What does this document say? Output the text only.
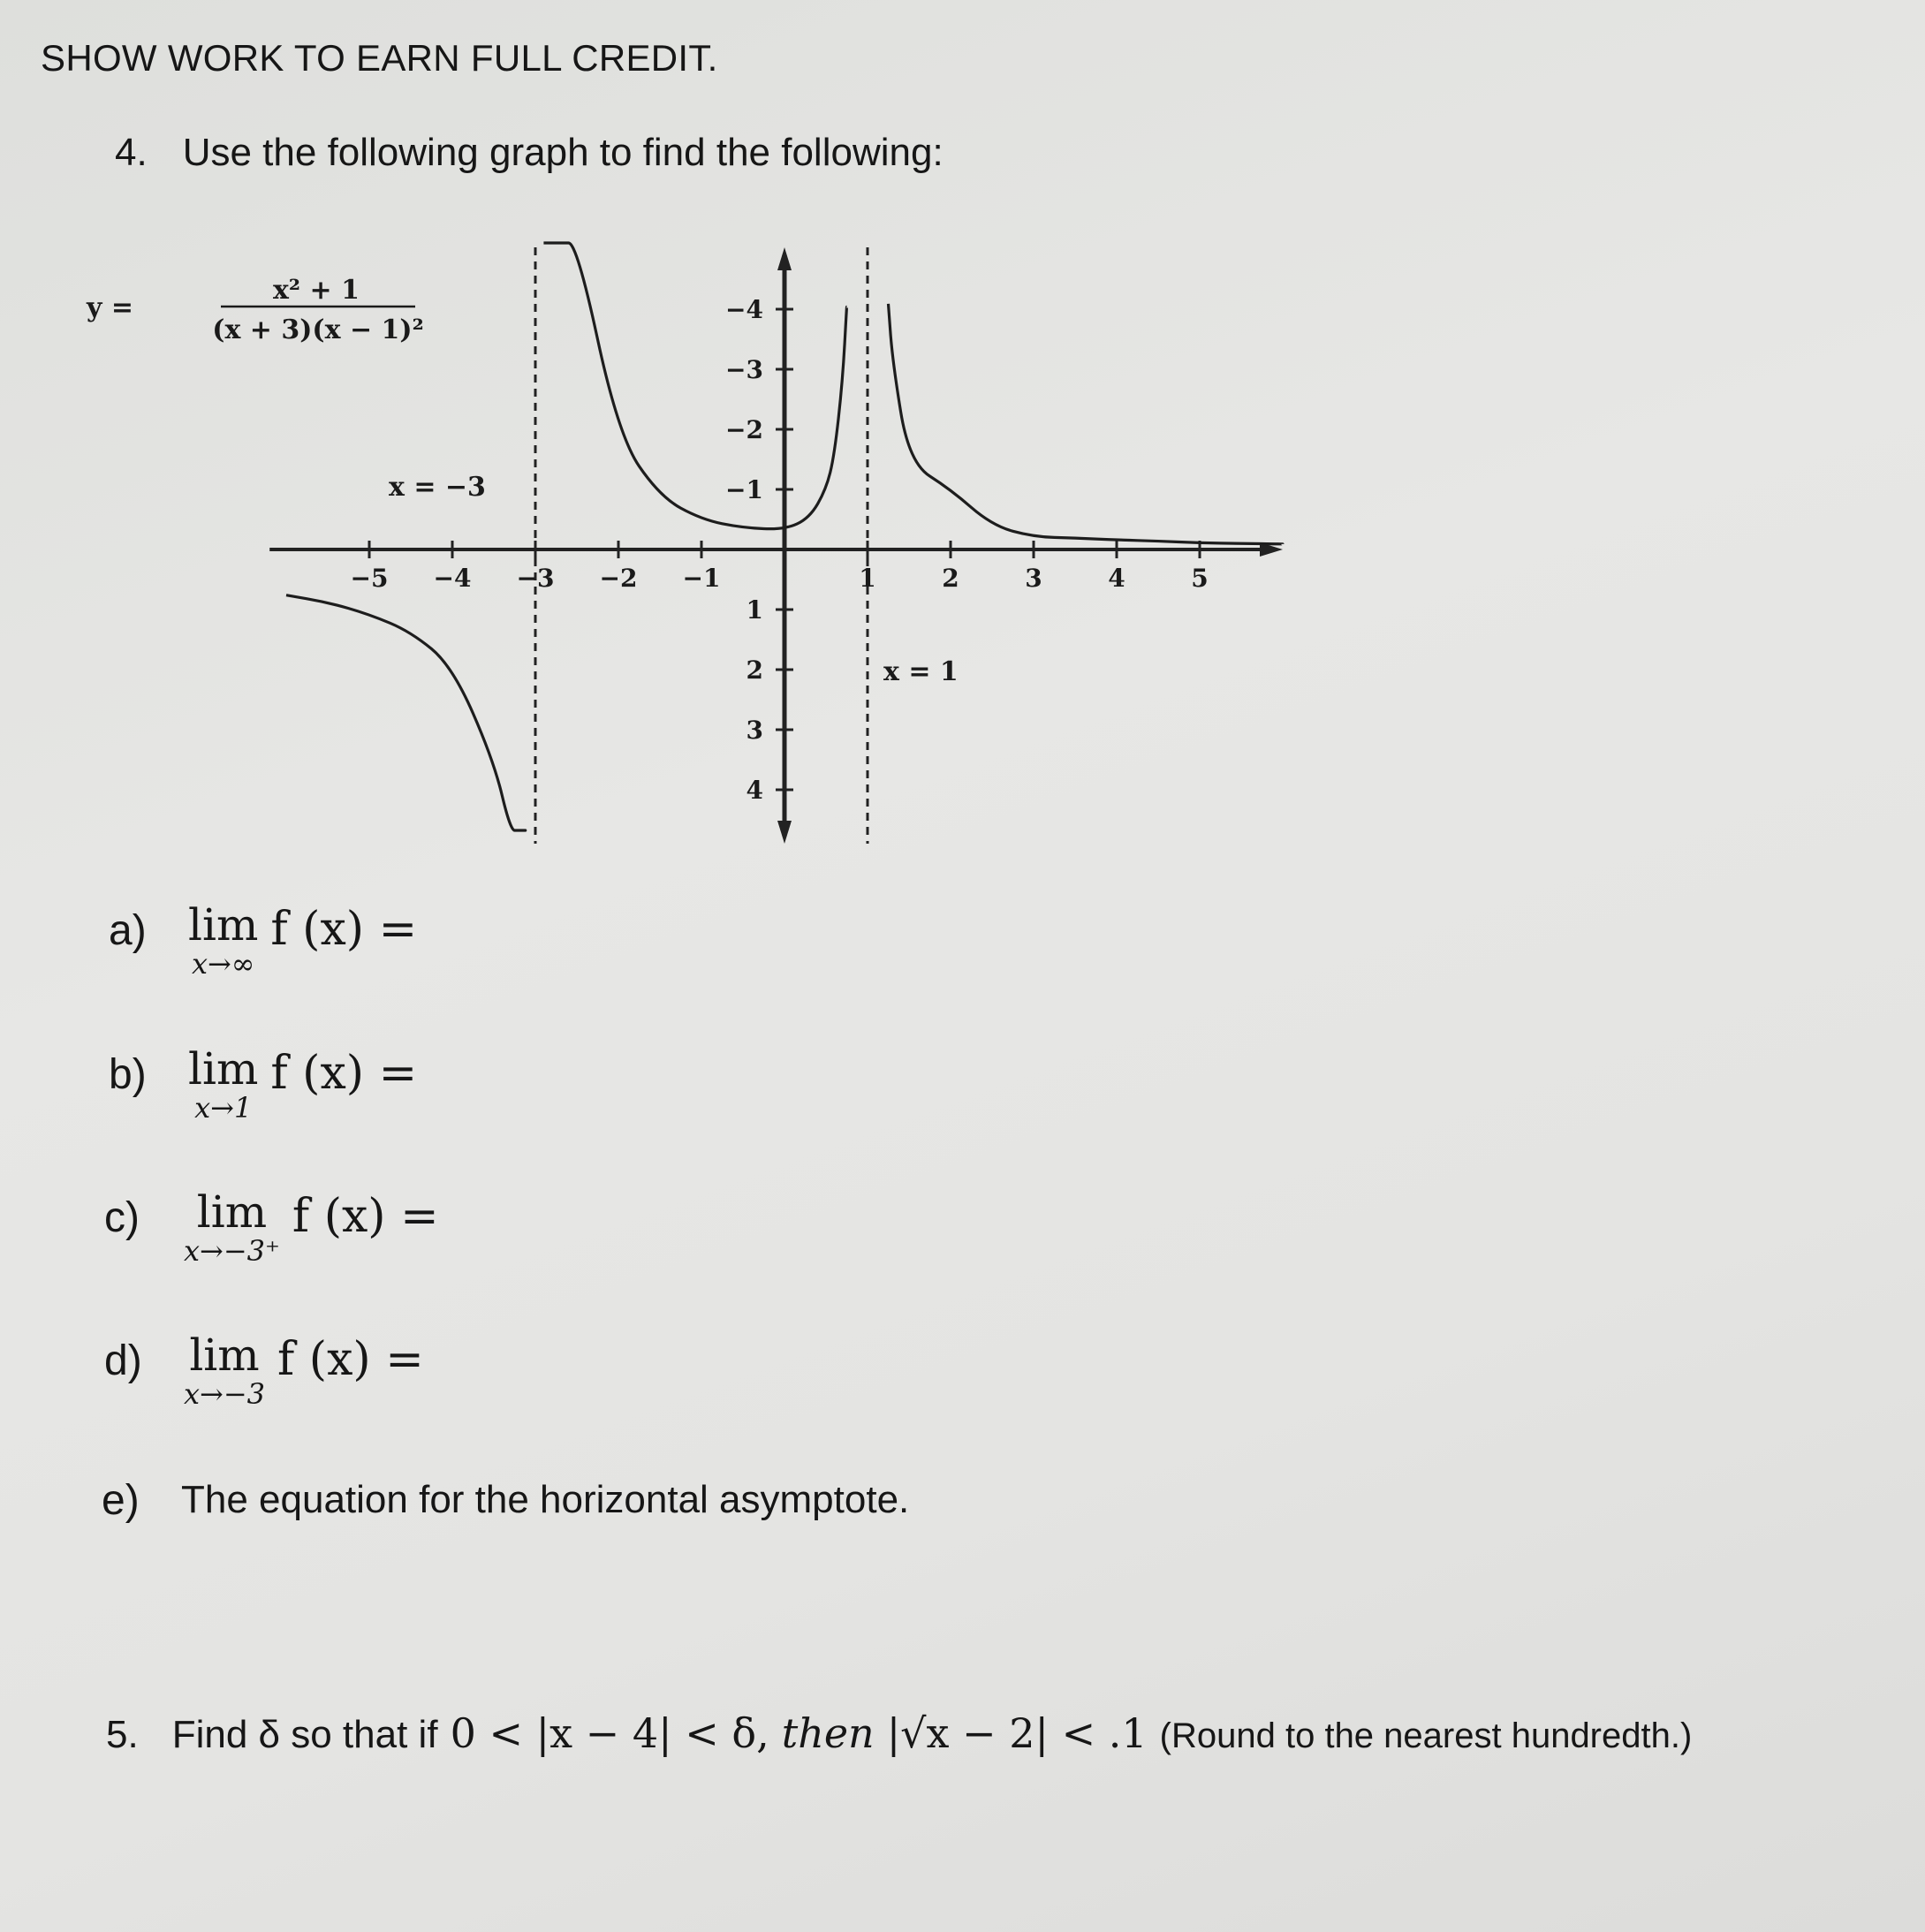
SHOW WORK TO EARN FULL CREDIT.
4. Use the following graph to find the following:
y =
x² + 1
(x + 3)(x − 1)²
x = −3
x = 1
−5 −4 −3 −2 −1	1	2	3	4	5
4
3
2
1
−1
−2
−3
−4
a) lim
x→∞
f (x) =
b) lim
x→1
f (x) =
c)	lim
x→−3⁺
f (x) =
d)	lim
x→−3
f (x) =
e)	The equation for the horizontal asymptote.
5. Find δ so that if 0 < |x − 4| < δ, then |√x − 2| < .1 (Round to the nearest hundredth.)
